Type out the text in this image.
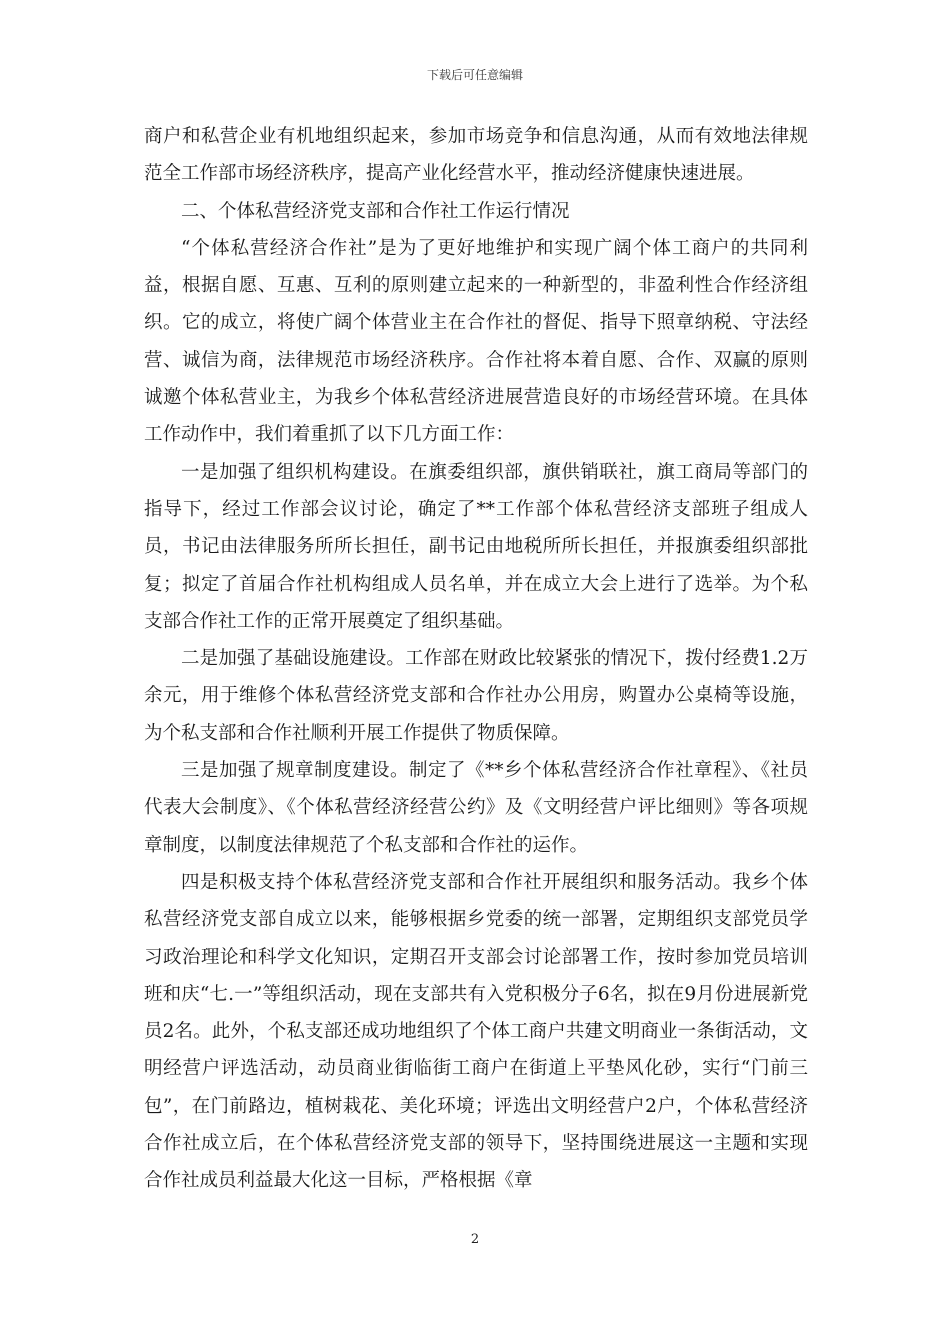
下载后可任意编辑

商户和私营企业有机地组织起来，参加市场竞争和信息沟通，从而有效地法律规范全工作部市场经济秩序，提高产业化经营水平，推动经济健康快速进展。

二、个体私营经济党支部和合作社工作运行情况

“个体私营经济合作社”是为了更好地维护和实现广阔个体工商户的共同利益，根据自愿、互惠、互利的原则建立起来的一种新型的，非盈利性合作经济组织。它的成立，将使广阔个体营业主在合作社的督促、指导下照章纳税、守法经营、诚信为商，法律规范市场经济秩序。合作社将本着自愿、合作、双赢的原则诚邀个体私营业主，为我乡个体私营经济进展营造良好的市场经营环境。在具体工作动作中，我们着重抓了以下几方面工作：

一是加强了组织机构建设。在旗委组织部，旗供销联社，旗工商局等部门的指导下，经过工作部会议讨论，确定了**工作部个体私营经济支部班子组成人员，书记由法律服务所所长担任，副书记由地税所所长担任，并报旗委组织部批复；拟定了首届合作社机构组成人员名单，并在成立大会上进行了选举。为个私支部合作社工作的正常开展奠定了组织基础。

二是加强了基础设施建设。工作部在财政比较紧张的情况下，拨付经费1.2万余元，用于维修个体私营经济党支部和合作社办公用房，购置办公桌椅等设施，为个私支部和合作社顺利开展工作提供了物质保障。

三是加强了规章制度建设。制定了《**乡个体私营经济合作社章程》、《社员代表大会制度》、《个体私营经济经营公约》及《文明经营户评比细则》等各项规章制度，以制度法律规范了个私支部和合作社的运作。

四是积极支持个体私营经济党支部和合作社开展组织和服务活动。我乡个体私营经济党支部自成立以来，能够根据乡党委的统一部署，定期组织支部党员学习政治理论和科学文化知识，定期召开支部会讨论部署工作，按时参加党员培训班和庆“七.一”等组织活动，现在支部共有入党积极分子6名，拟在9月份进展新党员2名。此外，个私支部还成功地组织了个体工商户共建文明商业一条街活动，文明经营户评选活动，动员商业街临街工商户在街道上平垫风化砂，实行“门前三包”，在门前路边，植树栽花、美化环境；评选出文明经营户2户，个体私营经济合作社成立后，在个体私营经济党支部的领导下，坚持围绕进展这一主题和实现合作社成员利益最大化这一目标，严格根据《章

2
